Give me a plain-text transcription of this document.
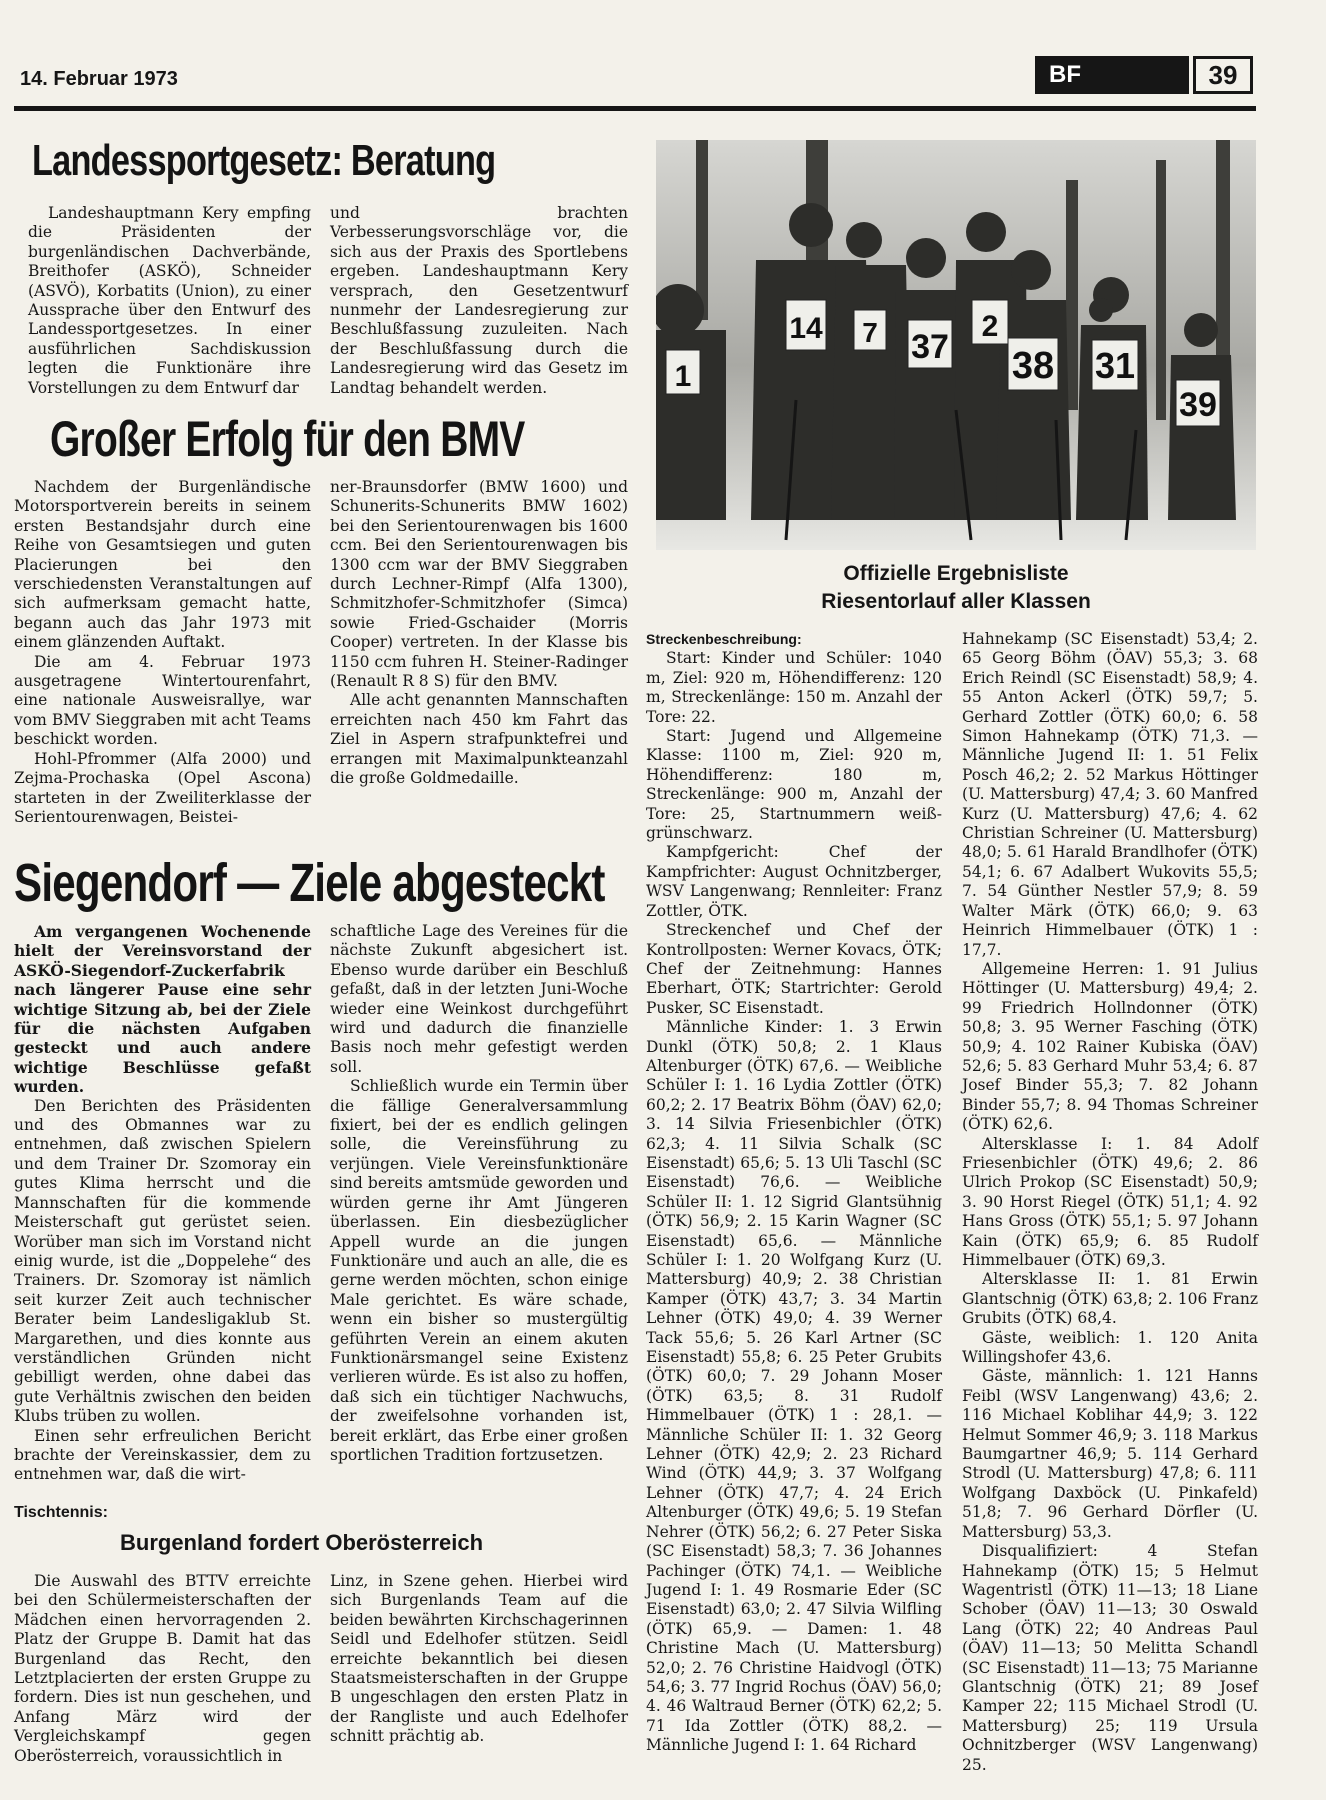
14. Februar 1973	BF	39
Landessportgesetz: Beratung

Landeshauptmann Kery empfing die Präsidenten der burgenländischen Dachverbände, Breithofer (ASKÖ), Schneider (ASVÖ), Korbatits (Union), zu einer Aussprache über den Entwurf des Landessportgesetzes. In einer ausführlichen Sachdiskussion legten die Funktionäre ihre Vorstellungen zu dem Entwurf dar

und brachten Verbesserungsvorschläge vor, die sich aus der Praxis des Sportlebens ergeben. Landeshauptmann Kery versprach, den Gesetzentwurf nunmehr der Landesregierung zur Beschlußfassung zuzuleiten. Nach der Beschlußfassung durch die Landesregierung wird das Gesetz im Landtag behandelt werden.

Großer Erfolg für den BMV

Nachdem der Burgenländische Motorsportverein bereits in seinem ersten Bestandsjahr durch eine Reihe von Gesamtsiegen und guten Placierungen bei den verschiedensten Veranstaltungen auf sich aufmerksam gemacht hatte, begann auch das Jahr 1973 mit einem glänzenden Auftakt.

Die am 4. Februar 1973 ausgetragene Wintertourenfahrt, eine nationale Ausweisrallye, war vom BMV Sieggraben mit acht Teams beschickt worden.

Hohl-Pfrommer (Alfa 2000) und Zejma-Prochaska (Opel Ascona) starteten in der Zweiliterklasse der Serientourenwagen, Beistei-

ner-Braunsdorfer (BMW 1600) und Schunerits-Schunerits BMW 1602) bei den Serientourenwagen bis 1600 ccm. Bei den Serientourenwagen bis 1300 ccm war der BMV Sieggraben durch Lechner-Rimpf (Alfa 1300), Schmitzhofer-Schmitzhofer (Simca) sowie Fried-Gschaider (Morris Cooper) vertreten. In der Klasse bis 1150 ccm fuhren H. Steiner-Radinger (Renault R 8 S) für den BMV.

Alle acht genannten Mannschaften erreichten nach 450 km Fahrt das Ziel in Aspern strafpunktefrei und errangen mit Maximalpunkteanzahl die große Goldmedaille.

Siegendorf — Ziele abgesteckt

Am vergangenen Wochenende hielt der Vereinsvorstand der ASKÖ-Siegendorf-Zuckerfabrik nach längerer Pause eine sehr wichtige Sitzung ab, bei der Ziele für die nächsten Aufgaben gesteckt und auch andere wichtige Beschlüsse gefaßt wurden.

Den Berichten des Präsidenten und des Obmannes war zu entnehmen, daß zwischen Spielern und dem Trainer Dr. Szomoray ein gutes Klima herrscht und die Mannschaften für die kommende Meisterschaft gut gerüstet seien. Worüber man sich im Vorstand nicht einig wurde, ist die „Doppelehe“ des Trainers. Dr. Szomoray ist nämlich seit kurzer Zeit auch technischer Berater beim Landesligaklub St. Margarethen, und dies konnte aus verständlichen Gründen nicht gebilligt werden, ohne dabei das gute Verhältnis zwischen den beiden Klubs trüben zu wollen.

Einen sehr erfreulichen Bericht brachte der Vereinskassier, dem zu entnehmen war, daß die wirt-

schaftliche Lage des Vereines für die nächste Zukunft abgesichert ist. Ebenso wurde darüber ein Beschluß gefaßt, daß in der letzten Juni-Woche wieder eine Weinkost durchgeführt wird und dadurch die finanzielle Basis noch mehr gefestigt werden soll.

Schließlich wurde ein Termin über die fällige Generalversammlung fixiert, bei der es endlich gelingen solle, die Vereinsführung zu verjüngen. Viele Vereinsfunktionäre sind bereits amtsmüde geworden und würden gerne ihr Amt Jüngeren überlassen. Ein diesbezüglicher Appell wurde an die jungen Funktionäre und auch an alle, die es gerne werden möchten, schon einige Male gerichtet. Es wäre schade, wenn ein bisher so mustergültig geführten Verein an einem akuten Funktionärsmangel seine Existenz verlieren würde. Es ist also zu hoffen, daß sich ein tüchtiger Nachwuchs, der zweifelsohne vorhanden ist, bereit erklärt, das Erbe einer großen sportlichen Tradition fortzusetzen.

Tischtennis:
Burgenland fordert Oberösterreich

Die Auswahl des BTTV erreichte bei den Schülermeisterschaften der Mädchen einen hervorragenden 2. Platz der Gruppe B. Damit hat das Burgenland das Recht, den Letztplacierten der ersten Gruppe zu fordern. Dies ist nun geschehen, und Anfang März wird der Vergleichskampf gegen Oberösterreich, voraussichtlich in

Linz, in Szene gehen. Hierbei wird sich Burgenlands Team auf die beiden bewährten Kirchschagerinnen Seidl und Edelhofer stützen. Seidl erreichte bekanntlich bei diesen Staatsmeisterschaften in der Gruppe B ungeschlagen den ersten Platz in der Rangliste und auch Edelhofer schnitt prächtig ab.

1
14 7 37
2
38 31
39
Offizielle Ergebnisliste
Riesentorlauf aller Klassen

Streckenbeschreibung:

Start: Kinder und Schüler: 1040 m, Ziel: 920 m, Höhendifferenz: 120 m, Streckenlänge: 150 m. Anzahl der Tore: 22.

Start: Jugend und Allgemeine Klasse: 1100 m, Ziel: 920 m, Höhendifferenz: 180 m, Streckenlänge: 900 m, Anzahl der Tore: 25, Startnummern weiß-grünschwarz.

Kampfgericht: Chef der Kampfrichter: August Ochnitzberger, WSV Langenwang; Rennleiter: Franz Zottler, ÖTK.

Streckenchef und Chef der Kontrollposten: Werner Kovacs, ÖTK; Chef der Zeitnehmung: Hannes Eberhart, ÖTK; Startrichter: Gerold Pusker, SC Eisenstadt.

Männliche Kinder: 1. 3 Erwin Dunkl (ÖTK) 50,8; 2. 1 Klaus Altenburger (ÖTK) 67,6. — Weibliche Schüler I: 1. 16 Lydia Zottler (ÖTK) 60,2; 2. 17 Beatrix Böhm (ÖAV) 62,0; 3. 14 Silvia Friesenbichler (ÖTK) 62,3; 4. 11 Silvia Schalk (SC Eisenstadt) 65,6; 5. 13 Uli Taschl (SC Eisenstadt) 76,6. — Weibliche Schüler II: 1. 12 Sigrid Glantsühnig (ÖTK) 56,9; 2. 15 Karin Wagner (SC Eisenstadt) 65,6. — Männliche Schüler I: 1. 20 Wolfgang Kurz (U. Mattersburg) 40,9; 2. 38 Christian Kamper (ÖTK) 43,7; 3. 34 Martin Lehner (ÖTK) 49,0; 4. 39 Werner Tack 55,6; 5. 26 Karl Artner (SC Eisenstadt) 55,8; 6. 25 Peter Grubits (ÖTK) 60,0; 7. 29 Johann Moser (ÖTK) 63,5; 8. 31 Rudolf Himmelbauer (ÖTK) 1 : 28,1. — Männliche Schüler II: 1. 32 Georg Lehner (ÖTK) 42,9; 2. 23 Richard Wind (ÖTK) 44,9; 3. 37 Wolfgang Lehner (ÖTK) 47,7; 4. 24 Erich Altenburger (ÖTK) 49,6; 5. 19 Stefan Nehrer (ÖTK) 56,2; 6. 27 Peter Siska (SC Eisenstadt) 58,3; 7. 36 Johannes Pachinger (ÖTK) 74,1. — Weibliche Jugend I: 1. 49 Rosmarie Eder (SC Eisenstadt) 63,0; 2. 47 Silvia Wilfling (ÖTK) 65,9. — Damen: 1. 48 Christine Mach (U. Mattersburg) 52,0; 2. 76 Christine Haidvogl (ÖTK) 54,6; 3. 77 Ingrid Rochus (ÖAV) 56,0; 4. 46 Waltraud Berner (ÖTK) 62,2; 5. 71 Ida Zottler (ÖTK) 88,2. — Männliche Jugend I: 1. 64 Richard

Hahnekamp (SC Eisenstadt) 53,4; 2. 65 Georg Böhm (ÖAV) 55,3; 3. 68 Erich Reindl (SC Eisenstadt) 58,9; 4. 55 Anton Ackerl (ÖTK) 59,7; 5. Gerhard Zottler (ÖTK) 60,0; 6. 58 Simon Hahnekamp (ÖTK) 71,3. — Männliche Jugend II: 1. 51 Felix Posch 46,2; 2. 52 Markus Höttinger (U. Mattersburg) 47,4; 3. 60 Manfred Kurz (U. Mattersburg) 47,6; 4. 62 Christian Schreiner (U. Mattersburg) 48,0; 5. 61 Harald Brandlhofer (ÖTK) 54,1; 6. 67 Adalbert Wukovits 55,5; 7. 54 Günther Nestler 57,9; 8. 59 Walter Märk (ÖTK) 66,0; 9. 63 Heinrich Himmelbauer (ÖTK) 1 : 17,7.

Allgemeine Herren: 1. 91 Julius Höttinger (U. Mattersburg) 49,4; 2. 99 Friedrich Hollndonner (ÖTK) 50,8; 3. 95 Werner Fasching (ÖTK) 50,9; 4. 102 Rainer Kubiska (ÖAV) 52,6; 5. 83 Gerhard Muhr 53,4; 6. 87 Josef Binder 55,3; 7. 82 Johann Binder 55,7; 8. 94 Thomas Schreiner (ÖTK) 62,6.

Altersklasse I: 1. 84 Adolf Friesenbichler (ÖTK) 49,6; 2. 86 Ulrich Prokop (SC Eisenstadt) 50,9; 3. 90 Horst Riegel (ÖTK) 51,1; 4. 92 Hans Gross (ÖTK) 55,1; 5. 97 Johann Kain (ÖTK) 65,9; 6. 85 Rudolf Himmelbauer (ÖTK) 69,3.

Altersklasse II: 1. 81 Erwin Glantschnig (ÖTK) 63,8; 2. 106 Franz Grubits (ÖTK) 68,4.

Gäste, weiblich: 1. 120 Anita Willingshofer 43,6.

Gäste, männlich: 1. 121 Hanns Feibl (WSV Langenwang) 43,6; 2. 116 Michael Koblihar 44,9; 3. 122 Helmut Sommer 46,9; 3. 118 Markus Baumgartner 46,9; 5. 114 Gerhard Strodl (U. Mattersburg) 47,8; 6. 111 Wolfgang Daxböck (U. Pinkafeld) 51,8; 7. 96 Gerhard Dörfler (U. Mattersburg) 53,3.

Disqualifiziert: 4 Stefan Hahnekamp (ÖTK) 15; 5 Helmut Wagentristl (ÖTK) 11—13; 18 Liane Schober (ÖAV) 11—13; 30 Oswald Lang (ÖTK) 22; 40 Andreas Paul (ÖAV) 11—13; 50 Melitta Schandl (SC Eisenstadt) 11—13; 75 Marianne Glantschnig (ÖTK) 21; 89 Josef Kamper 22; 115 Michael Strodl (U. Mattersburg) 25; 119 Ursula Ochnitzberger (WSV Langenwang) 25.
